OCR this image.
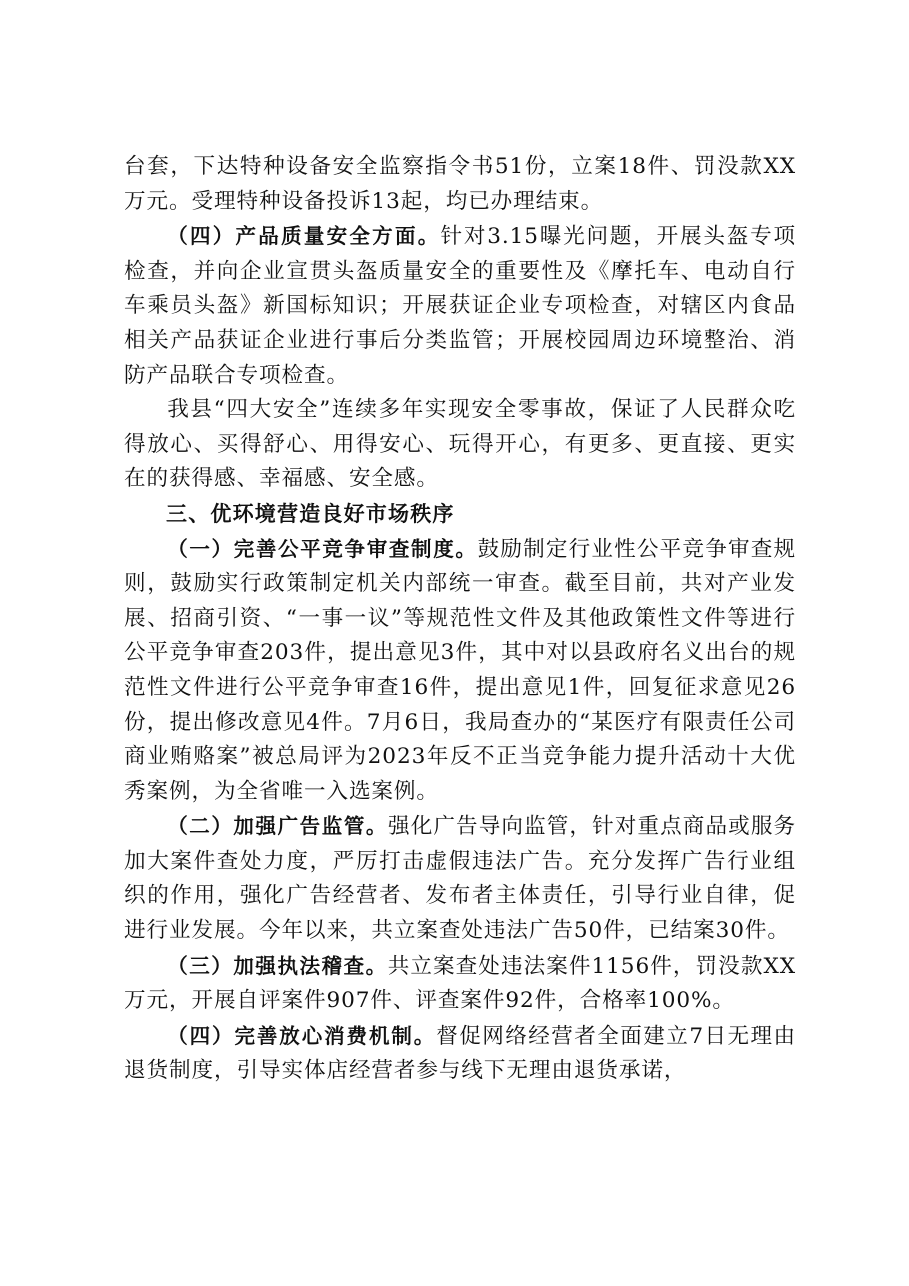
台套，下达特种设备安全监察指令书51份，立案18件、罚没款XX万元。受理特种设备投诉13起，均已办理结束。

（四）产品质量安全方面。针对3.15曝光问题，开展头盔专项检查，并向企业宣贯头盔质量安全的重要性及《摩托车、电动自行车乘员头盔》新国标知识；开展获证企业专项检查，对辖区内食品相关产品获证企业进行事后分类监管；开展校园周边环境整治、消防产品联合专项检查。

我县“四大安全”连续多年实现安全零事故，保证了人民群众吃得放心、买得舒心、用得安心、玩得开心，有更多、更直接、更实在的获得感、幸福感、安全感。

三、优环境营造良好市场秩序

（一）完善公平竞争审查制度。鼓励制定行业性公平竞争审查规则，鼓励实行政策制定机关内部统一审查。截至目前，共对产业发展、招商引资、“一事一议”等规范性文件及其他政策性文件等进行公平竞争审查203件，提出意见3件，其中对以县政府名义出台的规范性文件进行公平竞争审查16件，提出意见1件，回复征求意见26份，提出修改意见4件。7月6日，我局查办的“某医疗有限责任公司商业贿赂案”被总局评为2023年反不正当竞争能力提升活动十大优秀案例，为全省唯一入选案例。

（二）加强广告监管。强化广告导向监管，针对重点商品或服务加大案件查处力度，严厉打击虚假违法广告。充分发挥广告行业组织的作用，强化广告经营者、发布者主体责任，引导行业自律，促进行业发展。今年以来，共立案查处违法广告50件，已结案30件。

（三）加强执法稽查。共立案查处违法案件1156件，罚没款XX万元，开展自评案件907件、评查案件92件，合格率100%。

（四）完善放心消费机制。督促网络经营者全面建立7日无理由退货制度，引导实体店经营者参与线下无理由退货承诺，
